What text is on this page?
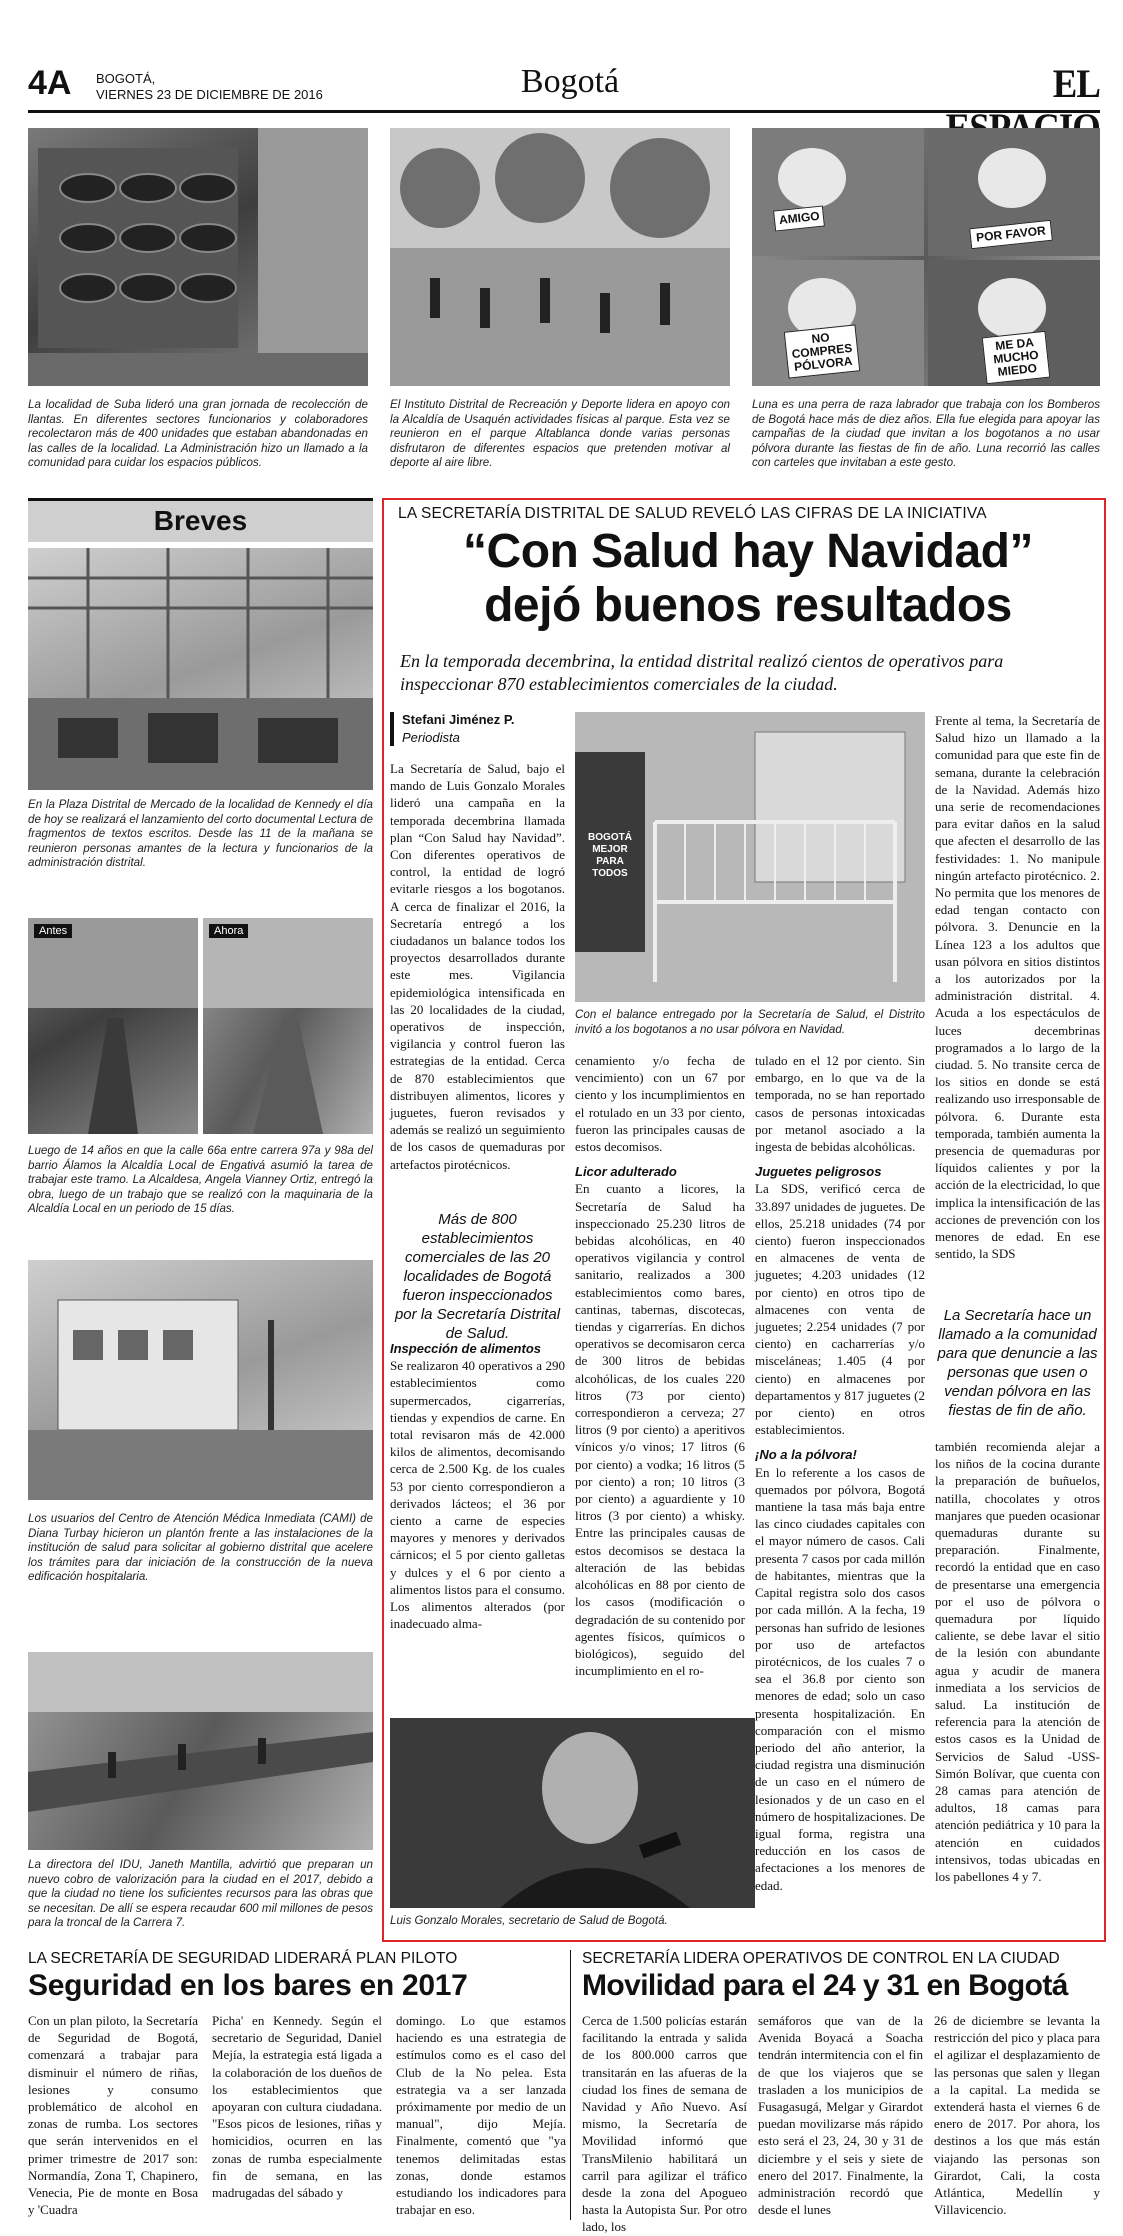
4A BOGOTÁ,
VIERNES 23 DE DICIEMBRE DE 2016	Bogotá	EL
La localidad de Suba lideró una gran jornada de recolección de llantas. En diferentes sectores funcionarios y colaboradores recolectaron más de 400 unidades que estaban abandonadas en las calles de la localidad. La Administración hizo un llamado a la comunidad para cuidar los espacios públicos.
El Instituto Distrital de Recreación y Deporte lidera en apoyo con la Alcaldía de Usaquén actividades físicas al parque. Esta vez se reunieron en el parque Altablanca donde varias personas disfrutaron de diferentes espacios que pretenden motivar al deporte al aire libre.
AMIGO
POR FAVOR
NO COMPRES PÓLVORA
ME DA MUCHO MIEDO
Luna es una perra de raza labrador que trabaja con los Bomberos de Bogotá hace más de diez años. Ella fue elegida para apoyar las campañas de la ciudad que invitan a los bogotanos a no usar pólvora durante las fiestas de fin de año. Luna recorrió las calles con carteles que invitaban a este gesto.
Breves
En la Plaza Distrital de Mercado de la localidad de Kennedy el día de hoy se realizará el lanzamiento del corto documental Lectura de fragmentos de textos escritos. Desde las 11 de la mañana se reunieron personas amantes de la lectura y funcionarios de la administración distrital.
Antes	Ahora
Luego de 14 años en que la calle 66a entre carrera 97a y 98a del barrio Álamos la Alcaldía Local de Engativá asumió la tarea de trabajar este tramo. La Alcaldesa, Angela Vianney Ortiz, entregó la obra, luego de un trabajo que se realizó con la maquinaria de la Alcaldía Local en un periodo de 15 días.
Los usuarios del Centro de Atención Médica Inmediata (CAMI) de Diana Turbay hicieron un plantón frente a las instalaciones de la institución de salud para solicitar al gobierno distrital que acelere los trámites para dar iniciación de la construcción de la nueva edificación hospitalaria.
La directora del IDU, Janeth Mantilla, advirtió que preparan un nuevo cobro de valorización para la ciudad en el 2017, debido a que la ciudad no tiene los suficientes recursos para las obras que se necesitan. De allí se espera recaudar 600 mil millones de pesos para la troncal de la Carrera 7.
LA SECRETARÍA DISTRITAL DE SALUD REVELÓ LAS CIFRAS DE LA INICIATIVA
“Con Salud hay Navidad”
dejó buenos resultados
En la temporada decembrina, la entidad distrital realizó cientos de operativos para inspeccionar 870 establecimientos comerciales de la ciudad.
Stefani Jiménez P.
Periodista

La Secretaría de Salud, bajo el mando de Luis Gonzalo Morales lideró una campaña en la temporada decembrina llamada plan “Con Salud hay Navidad”. Con diferentes operativos de control, la entidad de logró evitarle riesgos a los bogotanos. A cerca de finalizar el 2016, la Secretaría entregó a los ciudadanos un balance todos los proyectos desarrollados durante este mes. Vigilancia epidemiológica intensificada en las 20 localidades de la ciudad, operativos de inspección, vigilancia y control fueron las estrategias de la entidad. Cerca de 870 establecimientos que distribuyen alimentos, licores y juguetes, fueron revisados y además se realizó un seguimiento de los casos de quemaduras por artefactos pirotécnicos.

Más de 800 establecimientos comerciales de las 20 localidades de Bogotá fueron inspeccionados por la Secretaría Distrital de Salud.

Inspección de alimentos

Se realizaron 40 operativos a 290 establecimientos como supermercados, cigarrerías, tiendas y expendios de carne. En total revisaron más de 42.000 kilos de alimentos, decomisando cerca de 2.500 Kg. de los cuales 53 por ciento correspondieron a derivados lácteos; el 36 por ciento a carne de especies mayores y menores y derivados cárnicos; el 5 por ciento galletas y dulces y el 6 por ciento a alimentos listos para el consumo. Los alimentos alterados (por inadecuado alma-

BOGOTÁ MEJOR PARA TODOS
Con el balance entregado por la Secretaría de Salud, el Distrito invitó a los bogotanos a no usar pólvora en Navidad.

cenamiento y/o fecha de vencimiento) con un 67 por ciento y los incumplimientos en el rotulado en un 33 por ciento, fueron las principales causas de estos decomisos.

Licor adulterado

En cuanto a licores, la Secretaría de Salud ha inspeccionado 25.230 litros de bebidas alcohólicas, en 40 operativos vigilancia y control sanitario, realizados a 300 establecimientos como bares, cantinas, tabernas, discotecas, tiendas y cigarrerías. En dichos operativos se decomisaron cerca de 300 litros de bebidas alcohólicas, de los cuales 220 litros (73 por ciento) correspondieron a cerveza; 27 litros (9 por ciento) a aperitivos vínicos y/o vinos; 17 litros (6 por ciento) a vodka; 16 litros (5 por ciento) a ron; 10 litros (3 por ciento) a aguardiente y 10 litros (3 por ciento) a whisky. Entre las principales causas de estos decomisos se destaca la alteración de las bebidas alcohólicas en 88 por ciento de los casos (modificación o degradación de su contenido por agentes físicos, químicos o biológicos), seguido del incumplimiento en el ro-

tulado en el 12 por ciento. Sin embargo, en lo que va de la temporada, no se han reportado casos de personas intoxicadas por metanol asociado a la ingesta de bebidas alcohólicas.

Juguetes peligrosos

La SDS, verificó cerca de 33.897 unidades de juguetes. De ellos, 25.218 unidades (74 por ciento) fueron inspeccionados en almacenes de venta de juguetes; 4.203 unidades (12 por ciento) en otros tipo de almacenes con venta de juguetes; 2.254 unidades (7 por ciento) en cacharrerías y/o misceláneas; 1.405 (4 por ciento) en almacenes por departamentos y 817 juguetes (2 por ciento) en otros establecimientos.

¡No a la pólvora!

En lo referente a los casos de quemados por pólvora, Bogotá mantiene la tasa más baja entre las cinco ciudades capitales con el mayor número de casos. Cali presenta 7 casos por cada millón de habitantes, mientras que la Capital registra solo dos casos por cada millón. A la fecha, 19 personas han sufrido de lesiones por uso de artefactos pirotécnicos, de los cuales 7 o sea el 36.8 por ciento son menores de edad; solo un caso presenta hospitalización. En comparación con el mismo periodo del año anterior, la ciudad registra una disminución de un caso en el número de lesionados y de un caso en el número de hospitalizaciones. De igual forma, registra una reducción en los casos de afectaciones a los menores de edad.

Frente al tema, la Secretaría de Salud hizo un llamado a la comunidad para que este fin de semana, durante la celebración de la Navidad. Además hizo una serie de recomendaciones para evitar daños en la salud que afecten el desarrollo de las festividades: 1. No manipule ningún artefacto pirotécnico. 2. No permita que los menores de edad tengan contacto con pólvora. 3. Denuncie en la Línea 123 a los adultos que usan pólvora en sitios distintos a los autorizados por la administración distrital. 4. Acuda a los espectáculos de luces decembrinas programados a lo largo de la ciudad. 5. No transite cerca de los sitios en donde se está realizando uso irresponsable de pólvora. 6. Durante esta temporada, también aumenta la presencia de quemaduras por líquidos calientes y por la acción de la electricidad, lo que implica la intensificación de las acciones de prevención con los menores de edad. En ese sentido, la SDS

La Secretaría hace un llamado a la comunidad para que denuncie a las personas que usen o vendan pólvora en las fiestas de fin de año.

también recomienda alejar a los niños de la cocina durante la preparación de buñuelos, natilla, chocolates y otros manjares que pueden ocasionar quemaduras durante su preparación. Finalmente, recordó la entidad que en caso de presentarse una emergencia por el uso de pólvora o quemadura por líquido caliente, se debe lavar el sitio de la lesión con abundante agua y acudir de manera inmediata a los servicios de salud. La institución de referencia para la atención de estos casos es la Unidad de Servicios de Salud -USS- Simón Bolívar, que cuenta con 28 camas para atención de adultos, 18 camas para atención pediátrica y 10 para la atención en cuidados intensivos, todas ubicadas en los pabellones 4 y 7.

Luis Gonzalo Morales, secretario de Salud de Bogotá.
LA SECRETARÍA DE SEGURIDAD LIDERARÁ PLAN PILOTO
Seguridad en los bares en 2017
Con un plan piloto, la Secretaría de Seguridad de Bogotá, comenzará a trabajar para disminuir el número de riñas, lesiones y consumo problemático de alcohol en zonas de rumba. Los sectores que serán intervenidos en el primer trimestre de 2017 son: Normandía, Zona T, Chapinero, Venecia, Pie de monte en Bosa y 'Cuadra
Picha' en Kennedy. Según el secretario de Seguridad, Daniel Mejía, la estrategia está ligada a la colaboración de los dueños de los establecimientos que apoyaran con cultura ciudadana. "Esos picos de lesiones, riñas y homicidios, ocurren en las zonas de rumba especialmente fin de semana, en las madrugadas del sábado y
domingo. Lo que estamos haciendo es una estrategia de estímulos como es el caso del Club de la No pelea. Esta estrategia va a ser lanzada próximamente por medio de un manual", dijo Mejía. Finalmente, comentó que "ya tenemos delimitadas estas zonas, donde estamos estudiando los indicadores para trabajar en eso.
SECRETARÍA LIDERA OPERATIVOS DE CONTROL EN LA CIUDAD
Movilidad para el 24 y 31 en Bogotá
Cerca de 1.500 policías estarán facilitando la entrada y salida de los 800.000 carros que transitarán en las afueras de la ciudad los fines de semana de Navidad y Año Nuevo. Así mismo, la Secretaría de Movilidad informó que TransMilenio habilitará un carril para agilizar el tráfico desde la zona del Apogueo hasta la Autopista Sur. Por otro lado, los
semáforos que van de la Avenida Boyacá a Soacha tendrán intermitencia con el fin de que los viajeros que se trasladen a los municipios de Fusagasugá, Melgar y Girardot puedan movilizarse más rápido esto será el 23, 24, 30 y 31 de diciembre y el seis y siete de enero del 2017. Finalmente, la administración recordó que desde el lunes
26 de diciembre se levanta la restricción del pico y placa para el agilizar el desplazamiento de las personas que salen y llegan a la capital. La medida se extenderá hasta el viernes 6 de enero de 2017. Por ahora, los destinos a los que más están viajando las personas son Girardot, Cali, la costa Atlántica, Medellín y Villavicencio.
